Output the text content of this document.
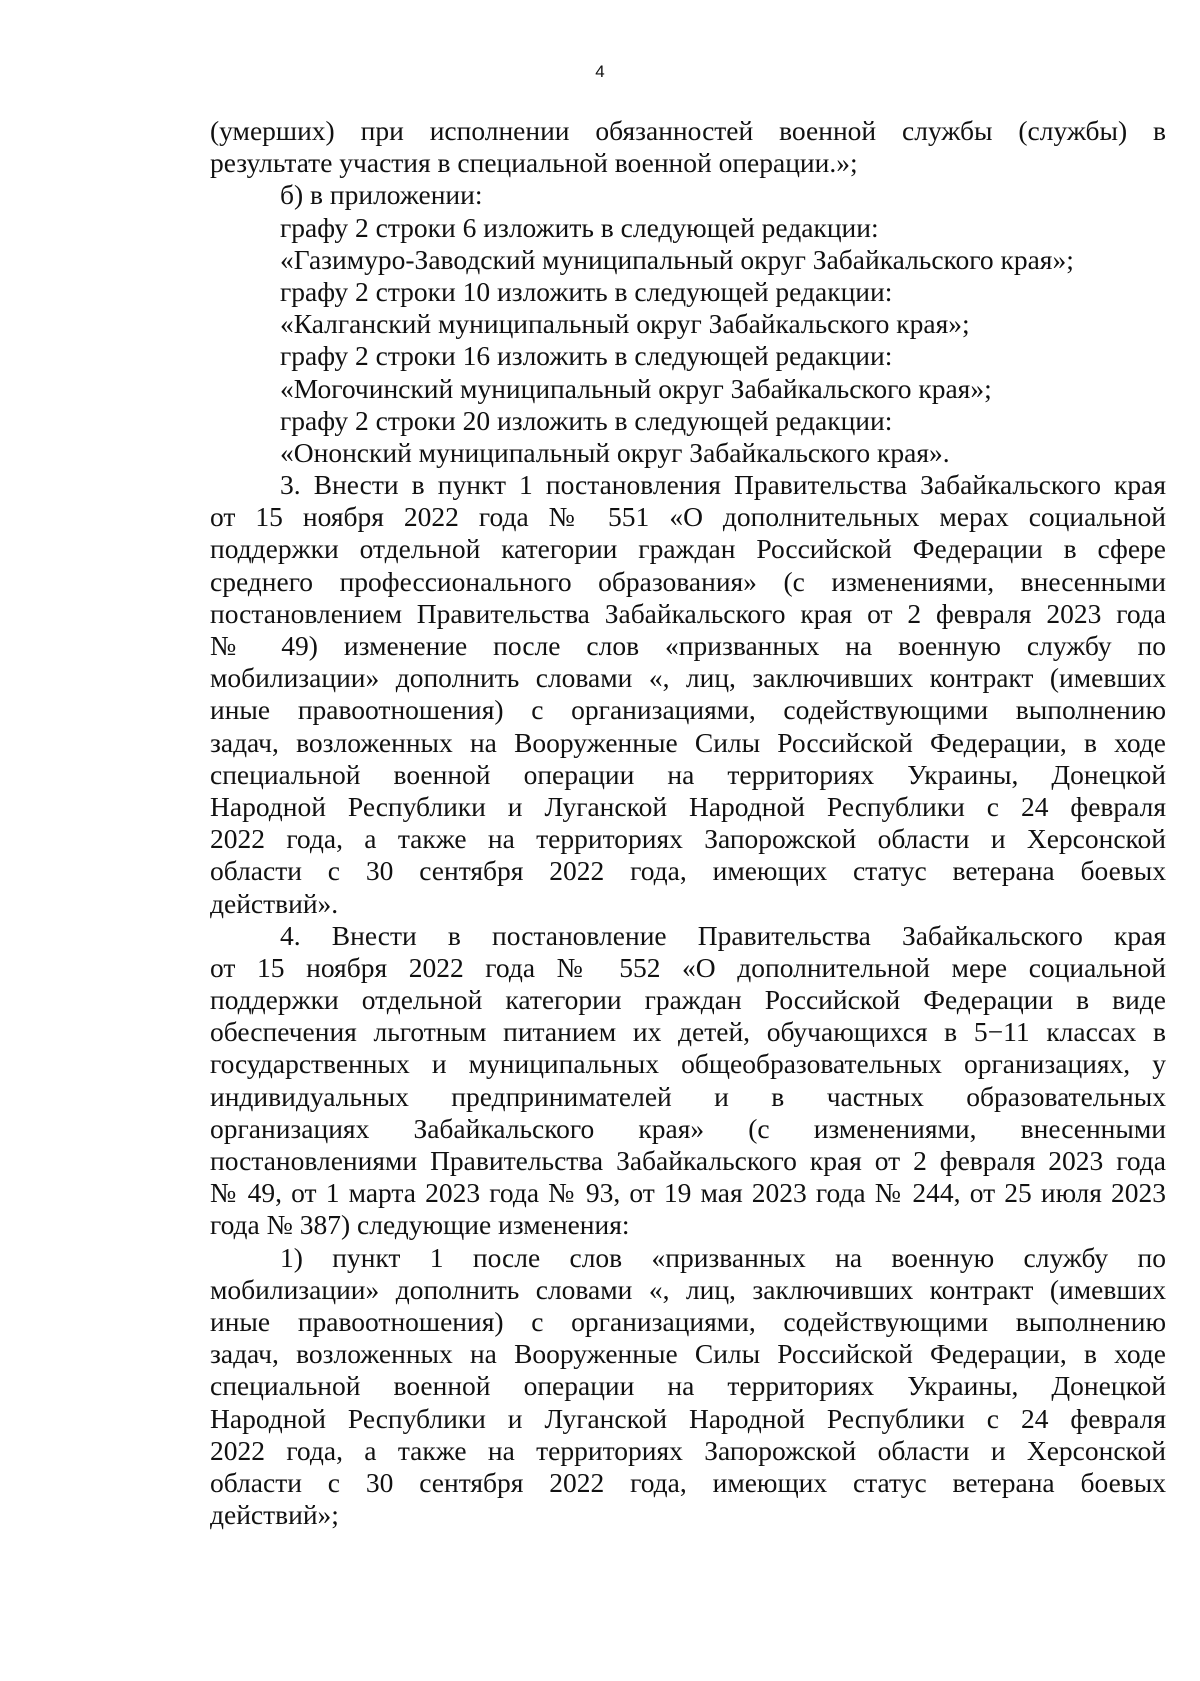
4
(умерших) при исполнении обязанностей военной службы (службы) в
результате участия в специальной военной операции.»;
б) в приложении:
графу 2 строки 6 изложить в следующей редакции:
«Газимуро-Заводский муниципальный округ Забайкальского края»;
графу 2 строки 10 изложить в следующей редакции:
«Калганский муниципальный округ Забайкальского края»;
графу 2 строки 16 изложить в следующей редакции:
«Могочинский муниципальный округ Забайкальского края»;
графу 2 строки 20 изложить в следующей редакции:
«Ононский муниципальный округ Забайкальского края».
3. Внести в пункт 1 постановления Правительства Забайкальского края
от 15 ноября 2022 года № 551 «О дополнительных мерах социальной
поддержки отдельной категории граждан Российской Федерации в сфере
среднего профессионального образования» (с изменениями, внесенными
постановлением Правительства Забайкальского края от 2 февраля 2023 года
№ 49) изменение после слов «призванных на военную службу по
мобилизации» дополнить словами «, лиц, заключивших контракт (имевших
иные правоотношения) с организациями, содействующими выполнению
задач, возложенных на Вооруженные Силы Российской Федерации, в ходе
специальной военной операции на территориях Украины, Донецкой
Народной Республики и Луганской Народной Республики с 24 февраля
2022 года, а также на территориях Запорожской области и Херсонской
области с 30 сентября 2022 года, имеющих статус ветерана боевых
действий».
4. Внести в постановление Правительства Забайкальского края
от 15 ноября 2022 года № 552 «О дополнительной мере социальной
поддержки отдельной категории граждан Российской Федерации в виде
обеспечения льготным питанием их детей, обучающихся в 5−11 классах в
государственных и муниципальных общеобразовательных организациях, у
индивидуальных предпринимателей и в частных образовательных
организациях Забайкальского края» (с изменениями, внесенными
постановлениями Правительства Забайкальского края от 2 февраля 2023 года
№ 49, от 1 марта 2023 года № 93, от 19 мая 2023 года № 244, от 25 июля 2023
года № 387) следующие изменения:
1) пункт 1 после слов «призванных на военную службу по
мобилизации» дополнить словами «, лиц, заключивших контракт (имевших
иные правоотношения) с организациями, содействующими выполнению
задач, возложенных на Вооруженные Силы Российской Федерации, в ходе
специальной военной операции на территориях Украины, Донецкой
Народной Республики и Луганской Народной Республики с 24 февраля
2022 года, а также на территориях Запорожской области и Херсонской
области с 30 сентября 2022 года, имеющих статус ветерана боевых
действий»;
